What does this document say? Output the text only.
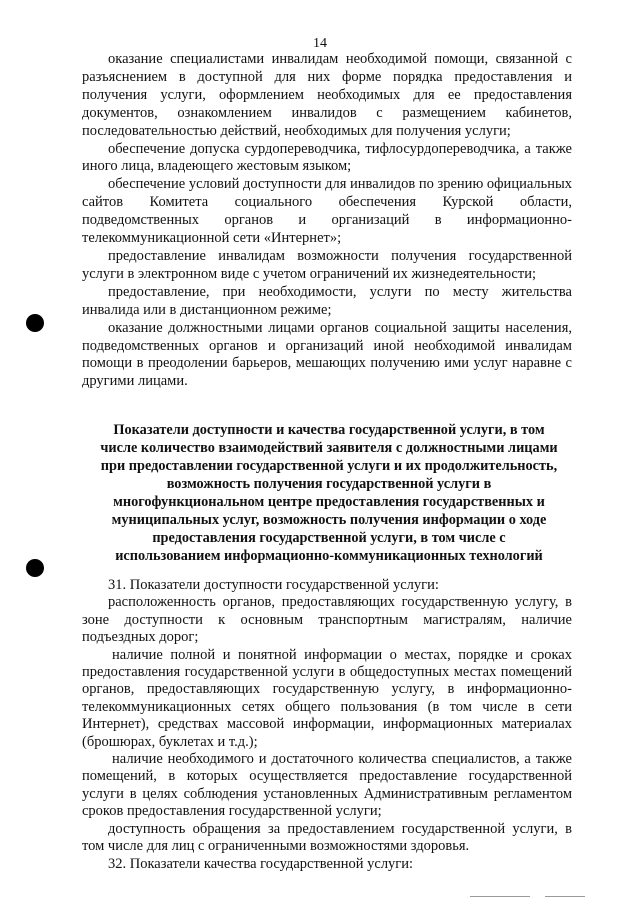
14

оказание специалистами инвалидам необходимой помощи, связанной с разъяснением в доступной для них форме порядка предоставления и получения услуги, оформлением необходимых для ее предоставления документов, ознакомлением инвалидов с размещением кабинетов, последовательностью действий, необходимых для получения услуги;

обеспечение допуска сурдопереводчика, тифлосурдопереводчика, а также иного лица, владеющего жестовым языком;

обеспечение условий доступности для инвалидов по зрению официальных сайтов Комитета социального обеспечения Курской области, подведомственных органов и организаций в информационно-телекоммуникационной сети «Интернет»;

предоставление инвалидам возможности получения государственной услуги в электронном виде с учетом ограничений их жизнедеятельности;

предоставление, при необходимости, услуги по месту жительства инвалида или в дистанционном режиме;

оказание должностными лицами органов социальной защиты населения, подведомственных органов и организаций иной необходимой инвалидам помощи в преодолении барьеров, мешающих получению ими услуг наравне с другими лицами.

Показатели доступности и качества государственной услуги, в том

числе количество взаимодействий заявителя с должностными лицами

при предоставлении государственной услуги и их продолжительность,

возможность получения государственной услуги в

многофункциональном центре предоставления государственных и

муниципальных услуг, возможность получения информации о ходе

предоставления государственной услуги, в том числе с

использованием информационно-коммуникационных технологий

31. Показатели доступности государственной услуги:

расположенность органов, предоставляющих государственную услугу, в зоне доступности к основным транспортным магистралям, наличие подъездных дорог;

наличие полной и понятной информации о местах, порядке и сроках предоставления государственной услуги в общедоступных местах помещений органов, предоставляющих государственную услугу, в информационно-телекоммуникационных сетях общего пользования (в том числе в сети Интернет), средствах массовой информации, информационных материалах (брошюрах, буклетах и т.д.);

наличие необходимого и достаточного количества специалистов, а также помещений, в которых осуществляется предоставление государственной услуги в целях соблюдения установленных Административным регламентом сроков предоставления государственной услуги;

доступность обращения за предоставлением государственной услуги, в том числе для лиц с ограниченными возможностями здоровья.

32. Показатели качества государственной услуги:
